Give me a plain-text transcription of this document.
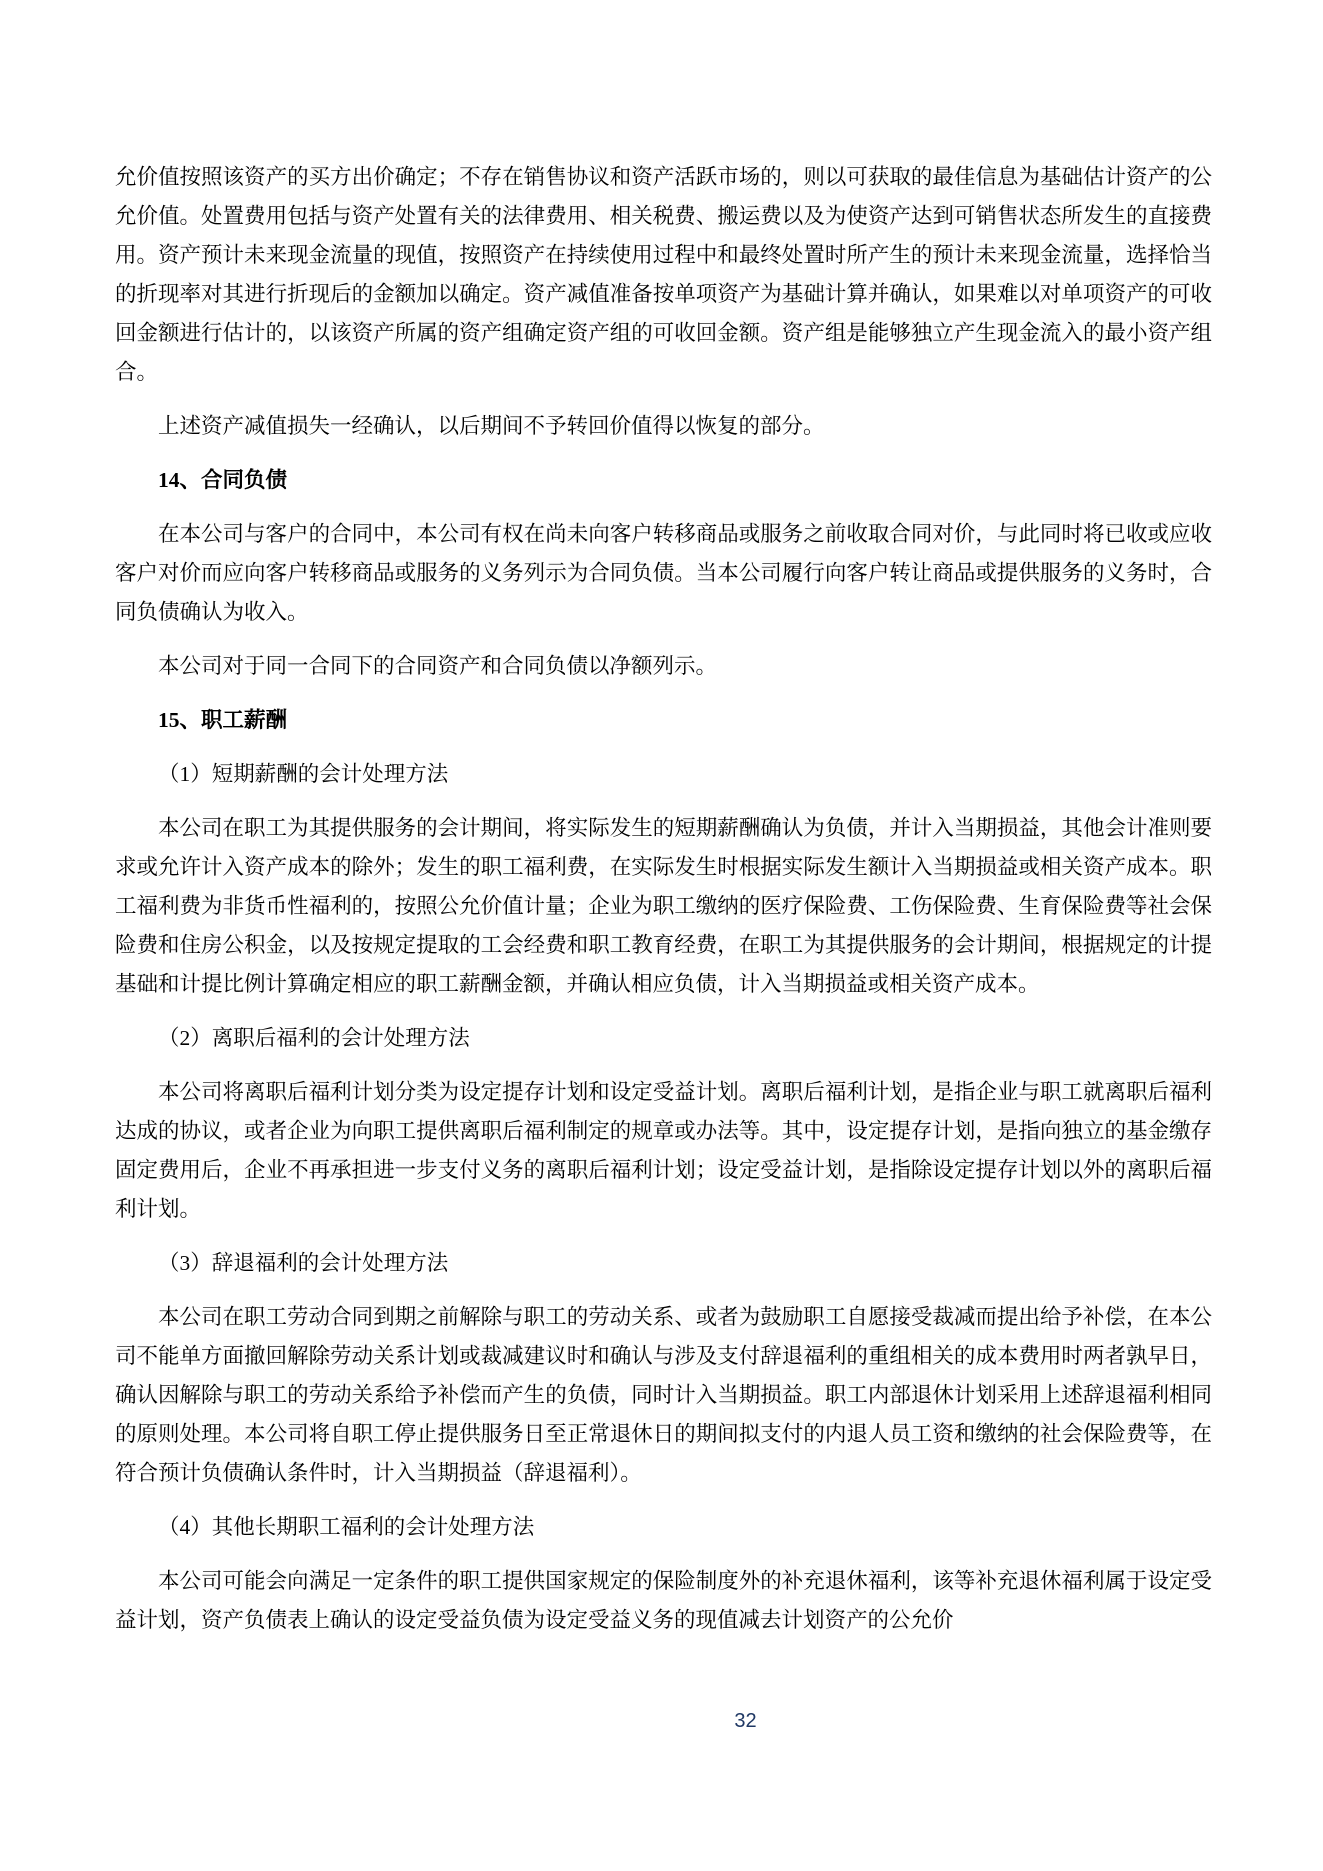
允价值按照该资产的买方出价确定；不存在销售协议和资产活跃市场的，则以可获取的最佳信息为基础估计资产的公允价值。处置费用包括与资产处置有关的法律费用、相关税费、搬运费以及为使资产达到可销售状态所发生的直接费用。资产预计未来现金流量的现值，按照资产在持续使用过程中和最终处置时所产生的预计未来现金流量，选择恰当的折现率对其进行折现后的金额加以确定。资产减值准备按单项资产为基础计算并确认，如果难以对单项资产的可收回金额进行估计的，以该资产所属的资产组确定资产组的可收回金额。资产组是能够独立产生现金流入的最小资产组合。

上述资产减值损失一经确认，以后期间不予转回价值得以恢复的部分。

14、合同负债

在本公司与客户的合同中，本公司有权在尚未向客户转移商品或服务之前收取合同对价，与此同时将已收或应收客户对价而应向客户转移商品或服务的义务列示为合同负债。当本公司履行向客户转让商品或提供服务的义务时，合同负债确认为收入。

本公司对于同一合同下的合同资产和合同负债以净额列示。

15、职工薪酬

（1）短期薪酬的会计处理方法

本公司在职工为其提供服务的会计期间，将实际发生的短期薪酬确认为负债，并计入当期损益，其他会计准则要求或允许计入资产成本的除外；发生的职工福利费，在实际发生时根据实际发生额计入当期损益或相关资产成本。职工福利费为非货币性福利的，按照公允价值计量；企业为职工缴纳的医疗保险费、工伤保险费、生育保险费等社会保险费和住房公积金，以及按规定提取的工会经费和职工教育经费，在职工为其提供服务的会计期间，根据规定的计提基础和计提比例计算确定相应的职工薪酬金额，并确认相应负债，计入当期损益或相关资产成本。

（2）离职后福利的会计处理方法

本公司将离职后福利计划分类为设定提存计划和设定受益计划。离职后福利计划，是指企业与职工就离职后福利达成的协议，或者企业为向职工提供离职后福利制定的规章或办法等。其中，设定提存计划，是指向独立的基金缴存固定费用后，企业不再承担进一步支付义务的离职后福利计划；设定受益计划，是指除设定提存计划以外的离职后福利计划。

（3）辞退福利的会计处理方法

本公司在职工劳动合同到期之前解除与职工的劳动关系、或者为鼓励职工自愿接受裁减而提出给予补偿，在本公司不能单方面撤回解除劳动关系计划或裁减建议时和确认与涉及支付辞退福利的重组相关的成本费用时两者孰早日，确认因解除与职工的劳动关系给予补偿而产生的负债，同时计入当期损益。职工内部退休计划采用上述辞退福利相同的原则处理。本公司将自职工停止提供服务日至正常退休日的期间拟支付的内退人员工资和缴纳的社会保险费等，在符合预计负债确认条件时，计入当期损益（辞退福利）。

（4）其他长期职工福利的会计处理方法

本公司可能会向满足一定条件的职工提供国家规定的保险制度外的补充退休福利，该等补充退休福利属于设定受益计划，资产负债表上确认的设定受益负债为设定受益义务的现值减去计划资产的公允价

32
